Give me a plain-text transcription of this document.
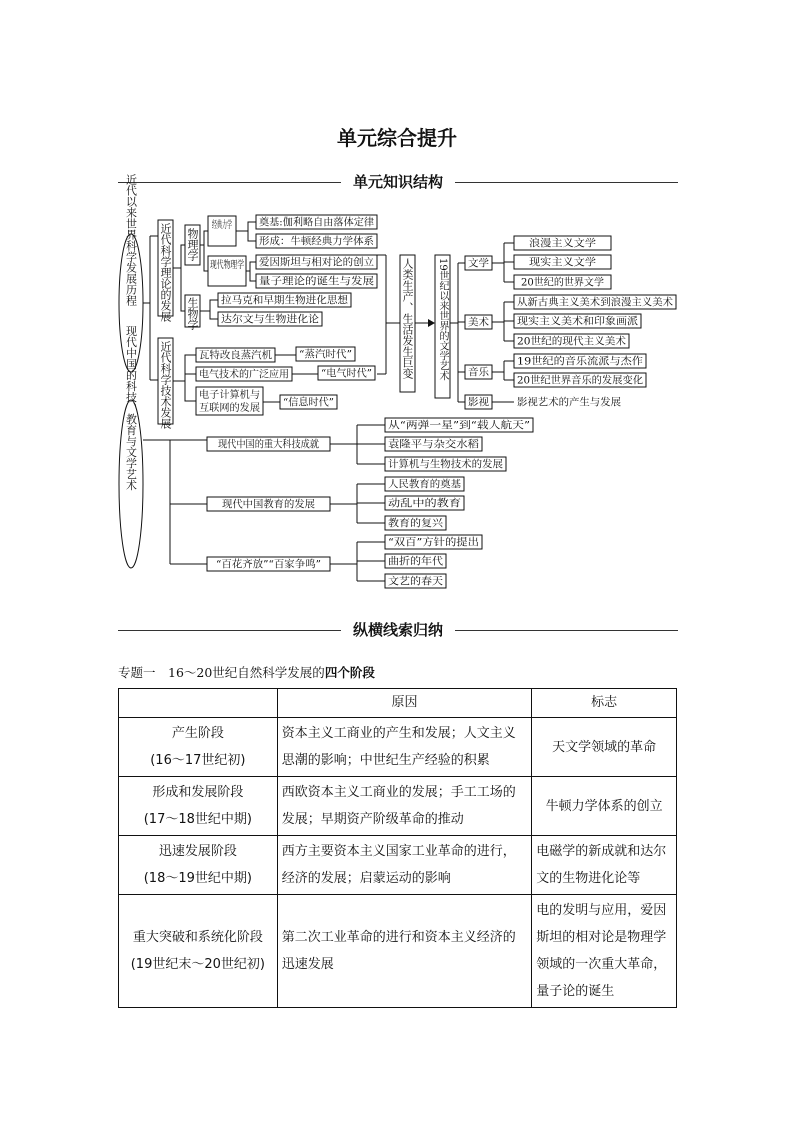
单元综合提升
单元知识结构
近代以来世界科学发展历程
现代中国的科技、教育与文学艺术
近代科学理论的发展
近代科学技术发展
物理学
生物学	人类生产、生活发生巨变 19世纪以来世界的文学艺术
经典力学
现代物理学
奠基:伽利略自由落体定律
形成：牛顿经典力学体系
爱因斯坦与相对论的创立
量子理论的诞生与发展
拉马克和早期生物进化思想
达尔文与生物进化论
瓦特改良蒸汽机	“蒸汽时代”
电气技术的广泛应用	“电气时代”
电子计算机与
互联网的发展 “信息时代”
文学
美术
音乐
影视
浪漫主义文学
现实主义文学
20世纪的世界文学
从新古典主义美术到浪漫主义美术
现实主义美术和印象画派
20世纪的现代主义美术
19世纪的音乐流派与杰作
20世纪世界音乐的发展变化
影视艺术的产生与发展
现代中国的重大科技成就
现代中国教育的发展
“百花齐放”“百家争鸣”
从“两弹一星”到“载人航天”
袁隆平与杂交水稻
计算机与生物技术的发展
人民教育的奠基
动乱中的教育
教育的复兴
“双百”方针的提出
曲折的年代
文艺的春天
纵横线索归纳
专题一　16～20世纪自然科学发展的四个阶段
	原因	标志

产生阶段
(16～17世纪初)	资本主义工商业的产生和发展；人文主义思潮的影响；中世纪生产经验的积累	天文学领域的革命

形成和发展阶段
(17～18世纪中期)	西欧资本主义工商业的发展；手工工场的发展；早期资产阶级革命的推动	牛顿力学体系的创立

迅速发展阶段
(18～19世纪中期)	西方主要资本主义国家工业革命的进行，经济的发展；启蒙运动的影响	电磁学的新成就和达尔文的生物进化论等

重大突破和系统化阶段
(19世纪末～20世纪初)	第二次工业革命的进行和资本主义经济的迅速发展	电的发明与应用，爱因斯坦的相对论是物理学领域的一次重大革命，量子论的诞生
